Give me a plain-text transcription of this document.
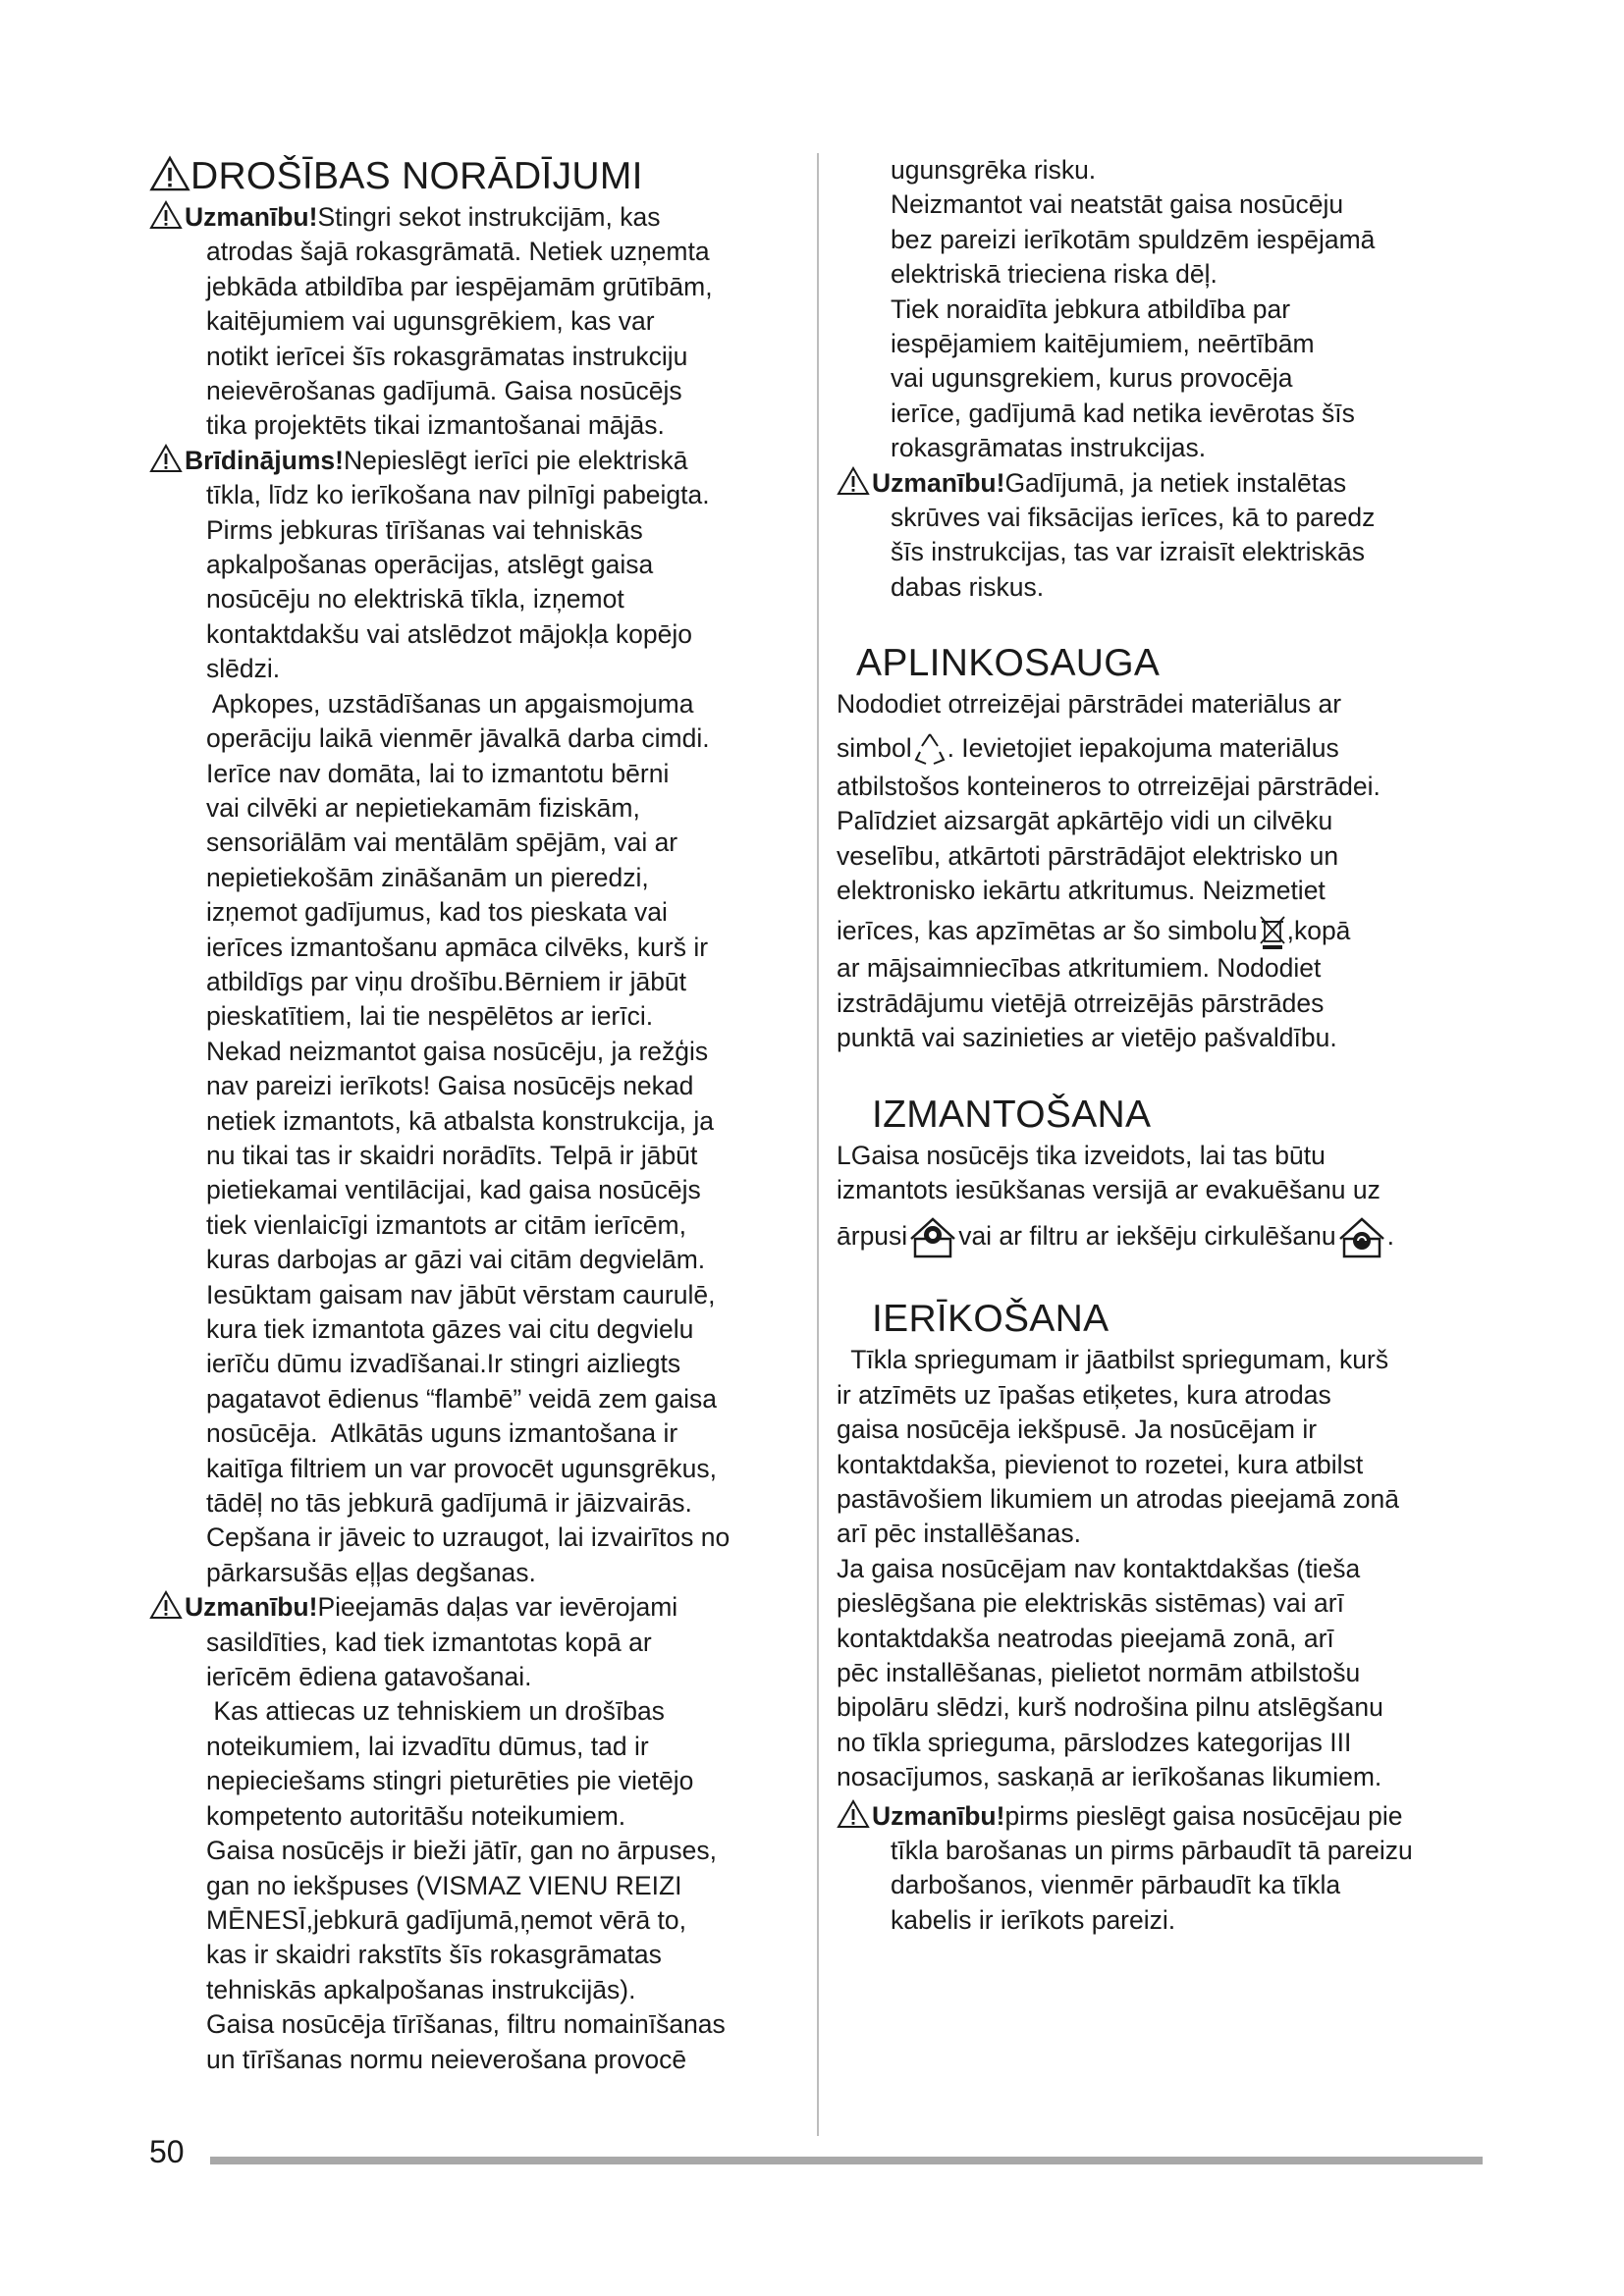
DROŠĪBAS NORĀDĪJUMI
Uzmanību!Stingri sekot instrukcijām, kas
atrodas šajā rokasgrāmatā. Netiek uzņemta
jebkāda atbildība par iespējamām grūtībām,
kaitējumiem vai ugunsgrēkiem, kas var
notikt ierīcei šīs rokasgrāmatas instrukciju
neievērošanas gadījumā. Gaisa nosūcējs
tika projektēts tikai izmantošanai mājās.
Brīdinājums!Nepieslēgt ierīci pie elektriskā
tīkla, līdz ko ierīkošana nav pilnīgi pabeigta.
Pirms jebkuras tīrīšanas vai tehniskās
apkalpošanas operācijas, atslēgt gaisa
nosūcēju no elektriskā tīkla, izņemot
kontaktdakšu vai atslēdzot mājokļa kopējo
slēdzi.
Apkopes, uzstādīšanas un apgaismojuma
operāciju laikā vienmēr jāvalkā darba cimdi.
Ierīce nav domāta, lai to izmantotu bērni
vai cilvēki ar nepietiekamām fiziskām,
sensoriālām vai mentālām spējām, vai ar
nepietiekošām zināšanām un pieredzi,
izņemot gadījumus, kad tos pieskata vai
ierīces izmantošanu apmāca cilvēks, kurš ir
atbildīgs par viņu drošību.Bērniem ir jābūt
pieskatītiem, lai tie nespēlētos ar ierīci.
Nekad neizmantot gaisa nosūcēju, ja režģis
nav pareizi ierīkots! Gaisa nosūcējs nekad
netiek izmantots, kā atbalsta konstrukcija, ja
nu tikai tas ir skaidri norādīts. Telpā ir jābūt
pietiekamai ventilācijai, kad gaisa nosūcējs
tiek vienlaicīgi izmantots ar citām ierīcēm,
kuras darbojas ar gāzi vai citām degvielām.
Iesūktam gaisam nav jābūt vērstam caurulē,
kura tiek izmantota gāzes vai citu degvielu
ierīču dūmu izvadīšanai.Ir stingri aizliegts
pagatavot ēdienus “flambē” veidā zem gaisa
nosūcēja.  Atlkātās uguns izmantošana ir
kaitīga filtriem un var provocēt ugunsgrēkus,
tādēļ no tās jebkurā gadījumā ir jāizvairās.
Cepšana ir jāveic to uzraugot, lai izvairītos no
pārkarsušās eļļas degšanas.
Uzmanību!Pieejamās daļas var ievērojami
sasildīties, kad tiek izmantotas kopā ar
ierīcēm ēdiena gatavošanai.
Kas attiecas uz tehniskiem un drošības
noteikumiem, lai izvadītu dūmus, tad ir
nepieciešams stingri pieturēties pie vietējo
kompetento autoritāšu noteikumiem.
Gaisa nosūcējs ir bieži jātīr, gan no ārpuses,
gan no iekšpuses (VISMAZ VIENU REIZI
MĒNESĪ,jebkurā gadījumā,ņemot vērā to,
kas ir skaidri rakstīts šīs rokasgrāmatas
tehniskās apkalpošanas instrukcijās).
Gaisa nosūcēja tīrīšanas, filtru nomainīšanas
un tīrīšanas normu neieverošana provocē
ugunsgrēka risku.
Neizmantot vai neatstāt gaisa nosūcēju
bez pareizi ierīkotām spuldzēm iespējamā
elektriskā trieciena riska dēļ.
Tiek noraidīta jebkura atbildība par
iespējamiem kaitējumiem, neērtībām
vai ugunsgrekiem, kurus provocēja
ierīce, gadījumā kad netika ievērotas šīs
rokasgrāmatas instrukcijas.
Uzmanību!Gadījumā, ja netiek instalētas
skrūves vai fiksācijas ierīces, kā to paredz
šīs instrukcijas, tas var izraisīt elektriskās
dabas riskus.
APLINKOSAUGA
Nododiet otrreizējai pārstrādei materiālus ar
simbol . Ievietojiet iepakojuma materiālus
atbilstošos konteineros to otrreizējai pārstrādei.
Palīdziet aizsargāt apkārtējo vidi un cilvēku
veselību, atkārtoti pārstrādājot elektrisko un
elektronisko iekārtu atkritumus. Neizmetiet
ierīces, kas apzīmētas ar šo simbolu ,kopā
ar mājsaimniecības atkritumiem. Nododiet
izstrādājumu vietējā otrreizējās pārstrādes
punktā vai sazinieties ar vietējo pašvaldību.
IZMANTOŠANA
LGaisa nosūcējs tika izveidots, lai tas būtu
izmantots iesūkšanas versijā ar evakuēšanu uz
ārpusi vai ar filtru ar iekšēju cirkulēšanu .
IERĪKOŠANA
Tīkla spriegumam ir jāatbilst spriegumam, kurš
ir atzīmēts uz īpašas etiķetes, kura atrodas
gaisa nosūcēja iekšpusē. Ja nosūcējam ir
kontaktdakša, pievienot to rozetei, kura atbilst
pastāvošiem likumiem un atrodas pieejamā zonā
arī pēc installēšanas.
Ja gaisa nosūcējam nav kontaktdakšas (tieša
pieslēgšana pie elektriskās sistēmas) vai arī
kontaktdakša neatrodas pieejamā zonā, arī
pēc installēšanas, pielietot normām atbilstošu
bipolāru slēdzi, kurš nodrošina pilnu atslēgšanu
no tīkla sprieguma, pārslodzes kategorijas III
nosacījumos, saskaņā ar ierīkošanas likumiem.
Uzmanību!pirms pieslēgt gaisa nosūcējau pie
tīkla barošanas un pirms pārbaudīt tā pareizu
darbošanos, vienmēr pārbaudīt ka tīkla
kabelis ir ierīkots pareizi.
50
